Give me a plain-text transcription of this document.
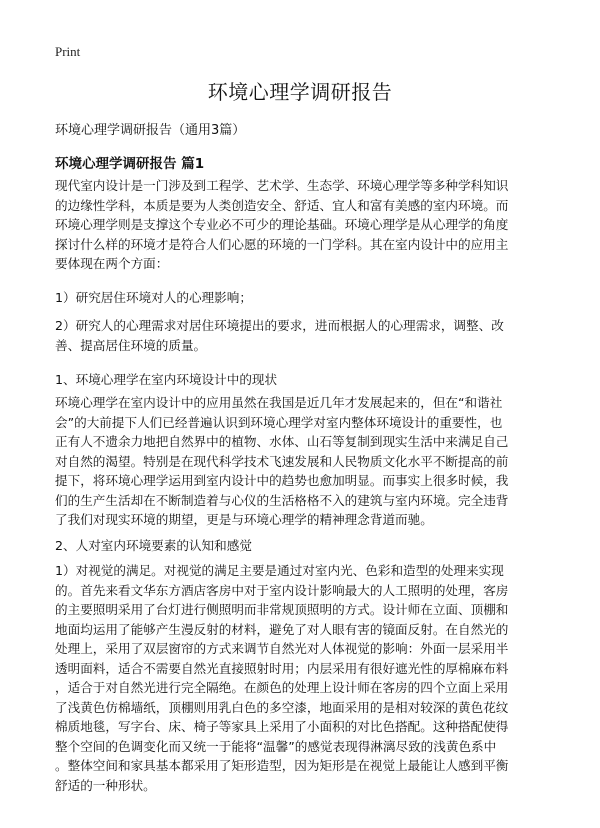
Print
环境心理学调研报告

环境心理学调研报告（通用3篇）

环境心理学调研报告 篇1
现代室内设计是一门涉及到工程学、艺术学、生态学、环境心理学等多种学科知识
的边缘性学科，本质是要为人类创造安全、舒适、宜人和富有美感的室内环境。而
环境心理学则是支撑这个专业必不可少的理论基础。环境心理学是从心理学的角度
探讨什么样的环境才是符合人们心愿的环境的一门学科。其在室内设计中的应用主
要体现在两个方面：

1）研究居住环境对人的心理影响；

2）研究人的心理需求对居住环境提出的要求，进而根据人的心理需求，调整、改
善、提高居住环境的质量。

1、环境心理学在室内环境设计中的现状

环境心理学在室内设计中的应用虽然在我国是近几年才发展起来的，但在“和谐社
会”的大前提下人们已经普遍认识到环境心理学对室内整体环境设计的重要性，也
正有人不遗余力地把自然界中的植物、水体、山石等复制到现实生活中来满足自己
对自然的渴望。特别是在现代科学技术飞速发展和人民物质文化水平不断提高的前
提下，将环境心理学运用到室内设计中的趋势也愈加明显。而事实上很多时候，我
们的生产生活却在不断制造着与心仪的生活格格不入的建筑与室内环境。完全违背
了我们对现实环境的期望，更是与环境心理学的精神理念背道而驰。

2、人对室内环境要素的认知和感觉

1）对视觉的满足。对视觉的满足主要是通过对室内光、色彩和造型的处理来实现
的。首先来看文华东方酒店客房中对于室内设计影响最大的人工照明的处理，客房
的主要照明采用了台灯进行侧照明而非常规顶照明的方式。设计师在立面、顶棚和
地面均运用了能够产生漫反射的材料，避免了对人眼有害的镜面反射。在自然光的
处理上，采用了双层窗帘的方式来调节自然光对人体视觉的影响：外面一层采用半
透明面料，适合不需要自然光直接照射时用；内层采用有很好遮光性的厚棉麻布料
，适合于对自然光进行完全隔绝。在颜色的处理上设计师在客房的四个立面上采用
了浅黄色仿棉墙纸，顶棚则用乳白色的多空漆，地面采用的是相对较深的黄色花纹
棉质地毯，写字台、床、椅子等家具上采用了小面积的对比色搭配。这种搭配使得
整个空间的色调变化而又统一于能将“温馨”的感觉表现得淋漓尽致的浅黄色系中
。整体空间和家具基本都采用了矩形造型，因为矩形是在视觉上最能让人感到平衡
舒适的一种形状。
